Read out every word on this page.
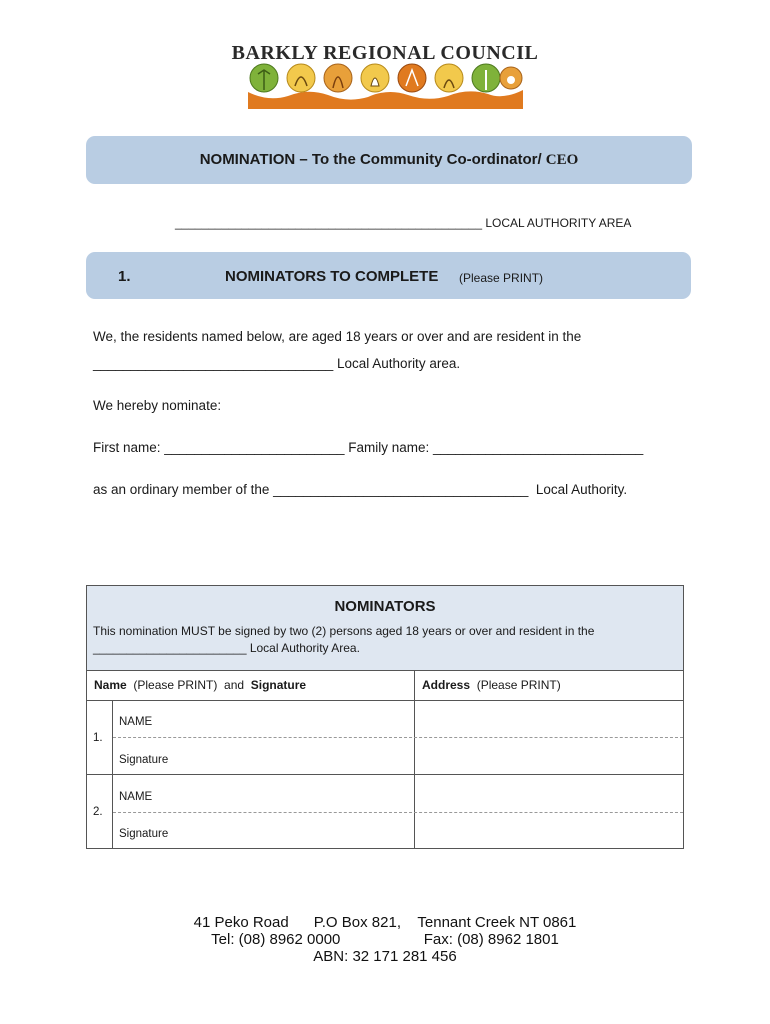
BARKLY REGIONAL COUNCIL
NOMINATION – To the Community Co-ordinator/ CEO
______________________________________________ LOCAL AUTHORITY AREA
1.	NOMINATORS TO COMPLETE (Please PRINT)
We, the residents named below, are aged 18 years or over and are resident in the
________________________________ Local Authority area.
We hereby nominate:
First name: ________________________ Family name: ____________________________
as an ordinary member of the __________________________________  Local Authority.
NOMINATORS
This nomination MUST be signed by two (2) persons aged 18 years or over and resident in the
_______________________ Local Authority Area.
Name  (Please PRINT)  and  Signature	Address  (Please PRINT)
1.
NAME
Signature
2.
NAME
Signature
41 Peko Road      P.O Box 821,    Tennant Creek NT 0861
Tel: (08) 8962 0000                    Fax: (08) 8962 1801
ABN: 32 171 281 456
